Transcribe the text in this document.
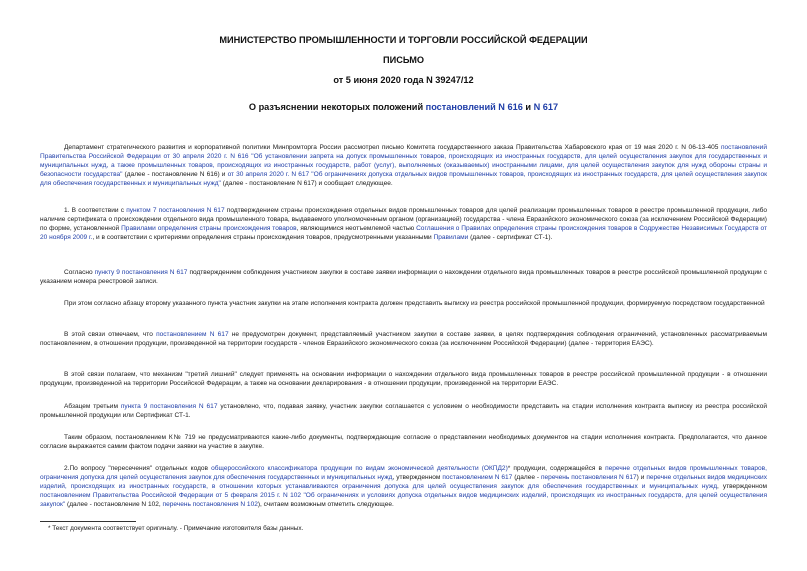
МИНИСТЕРСТВО ПРОМЫШЛЕННОСТИ И ТОРГОВЛИ РОССИЙСКОЙ ФЕДЕРАЦИИ
ПИСЬМО
от 5 июня 2020 года N 39247/12
О разъяснении некоторых положений постановлений N 616 и N 617
Департамент стратегического развития и корпоративной политики Минпромторга России рассмотрел письмо Комитета государственного заказа Правительства Хабаровского края от 19 мая 2020 г. N 06-13-405 постановлений Правительства Российской Федерации от 30 апреля 2020 г. N 616 "Об установлении запрета на допуск промышленных товаров, происходящих из иностранных государств, для целей осуществления закупок для государственных и муниципальных нужд, а также промышленных товаров, происходящих из иностранных государств, работ (услуг), выполняемых (оказываемых) иностранными лицами, для целей осуществления закупок для нужд обороны страны и безопасности государства" (далее - постановление N 616) и от 30 апреля 2020 г. N 617 "Об ограничениях допуска отдельных видов промышленных товаров, происходящих из иностранных государств, для целей осуществления закупок для обеспечения государственных и муниципальных нужд" (далее - постановление N 617) и сообщает следующее.
1. В соответствии с пунктом 7 постановления N 617 подтверждением страны происхождения отдельных видов промышленных товаров для целей реализации промышленных товаров в реестре промышленной продукции, либо наличие сертификата о происхождении отдельного вида промышленного товара, выдаваемого уполномоченным органом (организацией) государства - члена Евразийского экономического союза (за исключением Российской Федерации) по форме, установленной Правилами определения страны происхождения товаров, являющимися неотъемлемой частью Соглашения о Правилах определения страны происхождения товаров в Содружестве Независимых Государств от 20 ноября 2009 г., и в соответствии с критериями определения страны происхождения товаров, предусмотренными указанными Правилами (далее - сертификат СТ-1).
Согласно пункту 9 постановления N 617 подтверждением соблюдения участником закупки в составе заявки информации о нахождении отдельного вида промышленных товаров в реестре российской промышленной продукции с указанием номера реестровой записи.
При этом согласно абзацу второму указанного пункта участник закупки на этапе исполнения контракта должен представить выписку из реестра российской промышленной продукции, формируемую посредством государственной
В этой связи отмечаем, что постановлением N 617 не предусмотрен документ, представляемый участником закупки в составе заявки, в целях подтверждения соблюдения ограничений, установленных рассматриваемым постановлением, в отношении продукции, произведенной на территории государств - членов Евразийского экономического союза (за исключением Российской Федерации) (далее - территория ЕАЭС).
В этой связи полагаем, что механизм "третий лишний" следует применять на основании информации о нахождении отдельного вида промышленных товаров в реестре российской промышленной продукции - в отношении продукции, произведенной на территории Российской Федерации, а также на основании декларирования - в отношении продукции, произведенной на территории ЕАЭС.
Абзацем третьим пункта 9 постановления N 617 установлено, что, подавая заявку, участник закупки соглашается с условием о необходимости представить на стадии исполнения контракта выписку из реестра российской промышленной продукции или Сертификат СТ-1.
Таким образом, постановлением К№ 719 не предусматриваются какие-либо документы, подтверждающие согласие о представлении необходимых документов на стадии исполнения контракта. Предполагается, что данное согласие выражается самим фактом подачи заявки на участие в закупке.
2.По вопросу "пересечения" отдельных кодов общероссийского классификатора продукции по видам экономической деятельности (ОКПД2)* продукции, содержащейся в перечне отдельных видов промышленных товаров, ограничения допуска для целей осуществления закупок для обеспечения государственных и муниципальных нужд, утвержденном постановлением N 617 (далее - перечень постановления N 617) и перечне отдельных видов медицинских изделий, происходящих из иностранных государств, в отношении которых устанавливаются ограничения допуска для целей осуществления закупок для обеспечения государственных и муниципальных нужд, утвержденном постановлением Правительства Российской Федерации от 5 февраля 2015 г. N 102 "Об ограничениях и условиях допуска отдельных видов медицинских изделий, происходящих из иностранных государств, для целей осуществления закупок" (далее - постановление N 102, перечень постановления N 102), считаем возможным отметить следующее.
* Текст документа соответствует оригиналу. - Примечание изготовителя базы данных.
